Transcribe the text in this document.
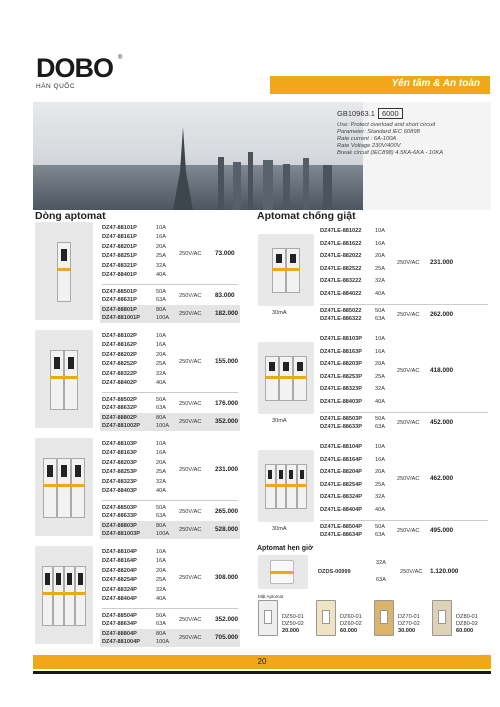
DOBO ®
HÀN QUỐC	Yên tâm & An toàn
GB10963.1 6000
Use: Protect overload and short circuit
Parameter: Standard IEC 60898
Rate current : 6A-100A
Rate Voltage 230V/400V
Break circuit (IEC898) 4.5KA-6KA - 10KA
Dòng aptomat	Aptomat chống giật
DZ47-88101P	10A
DZ47-88161P	16A
DZ47-88201P	20A
DZ47-88251P	25A
DZ47-88321P	32A
DZ47-88401P	40A
250V/AC 73.000
DZ47-88501P	50A
DZ47-88631P	63A
250V/AC 83.000
DZ47-88801P	80A
DZ47-881001P	100A
250V/AC 182.000
DZ47-88102P	10A
DZ47-88162P	16A
DZ47-88202P	20A
DZ47-88252P	25A
DZ47-88322P	32A
DZ47-88402P	40A
250V/AC 155.000
DZ47-88502P	50A
DZ47-88632P	63A
250V/AC 176.000
DZ47-88802P	80A
DZ47-881002P	100A
250V/AC 352.000
DZ47-88103P	10A
DZ47-88163P	16A
DZ47-88203P	20A
DZ47-88253P	25A
DZ47-88323P	32A
DZ47-88403P	40A
250V/AC 231.000
DZ47-88503P	50A
DZ47-88633P	63A
250V/AC 265.000
DZ47-88803P	80A
DZ47-881003P	100A
250V/AC 528.000
DZ47-88104P	10A
DZ47-88164P	16A
DZ47-88204P	20A
DZ47-88254P	25A
DZ47-88324P	32A
DZ47-88404P	40A
250V/AC 308.000
DZ47-88504P	50A
DZ47-88634P	63A
250V/AC 352.000
DZ47-88804P	80A
DZ47-881004P	100A
250V/AC 705.000
30mA
DZ47LE-881022 10A
DZ47LE-881622 16A
DZ47LE-882022 20A
DZ47LE-882522 25A
DZ47LE-883222 32A
DZ47LE-884022 40A
250V/AC 231.000
DZ47LE-885022 50A
DZ47LE-886322 63A
250V/AC 262.000
30mA
DZ47LE-88103P 10A
DZ47LE-88163P 16A
DZ47LE-88203P 20A
DZ47LE-88253P 25A
DZ47LE-88323P 32A
DZ47LE-88403P 40A
250V/AC 418.000
DZ47LE-88503P 50A
DZ47LE-88633P 63A
250V/AC 452.000
30mA
DZ47LE-88104P 10A
DZ47LE-88164P 16A
DZ47LE-88204P 20A
DZ47LE-88254P 25A
DZ47LE-88324P 32A
DZ47LE-88404P 40A
250V/AC 462.000
DZ47LE-88504P 50A
DZ47LE-88634P 63A
250V/AC 495.000
Aptomat hẹn giờ
DZDS-00999
32A
63A
250V/AC 1.120.000
Mặt Aptomat
DZ50-01
DZ50-02
20.000
DZ60-01
DZ60-02
60.000
DZ70-01
DZ70-02
30.000
DZ80-01
DZ80-02
60.000
20
